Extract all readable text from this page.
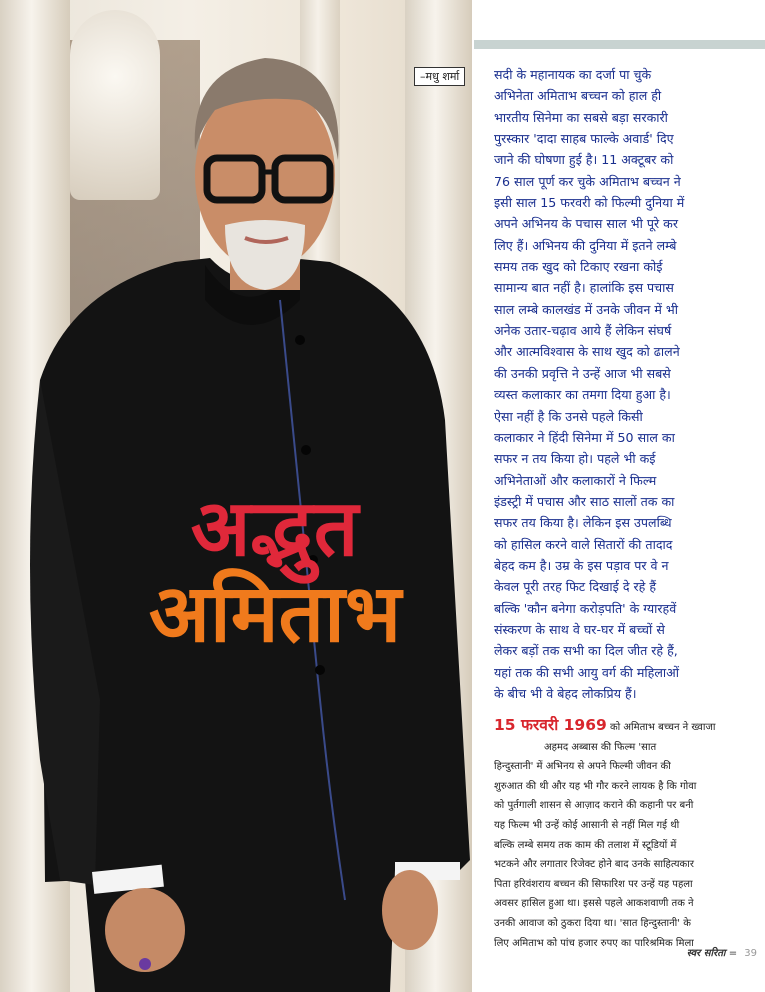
अद्भुत
अमिताभ
–मधु शर्मा	सदी के महानायक का दर्जा पा चुके
अभिनेता अमिताभ बच्चन को हाल ही
भारतीय सिनेमा का सबसे बड़ा सरकारी
पुरस्कार 'दादा साहब फाल्के अवार्ड' दिए
जाने की घोषणा हुई है। 11 अक्टूबर को
76 साल पूर्ण कर चुके अमिताभ बच्चन ने
इसी साल 15 फरवरी को फिल्मी दुनिया में
अपने अभिनय के पचास साल भी पूरे कर
लिए हैं। अभिनय की दुनिया में इतने लम्बे
समय तक खुद को टिकाए रखना कोई
सामान्य बात नहीं है। हालांकि इस पचास
साल लम्बे कालखंड में उनके जीवन में भी
अनेक उतार-चढ़ाव आये हैं लेकिन संघर्ष
और आत्मविश्वास के साथ खुद को ढालने
की उनकी प्रवृत्ति ने उन्हें आज भी सबसे
व्यस्त कलाकार का तमगा दिया हुआ है।
ऐसा नहीं है कि उनसे पहले किसी
कलाकार ने हिंदी सिनेमा में 50 साल का
सफर न तय किया हो। पहले भी कई
अभिनेताओं और कलाकारों ने फिल्म
इंडस्ट्री में पचास और साठ सालों तक का
सफर तय किया है। लेकिन इस उपलब्धि
को हासिल करने वाले सितारों की तादाद
बेहद कम है। उम्र के इस पड़ाव पर वे न
केवल पूरी तरह फिट दिखाई दे रहे हैं
बल्कि 'कौन बनेगा करोड़पति' के ग्यारहवें
संस्करण के साथ वे घर-घर में बच्चों से
लेकर बड़ों तक सभी का दिल जीत रहे हैं,
यहां तक की सभी आयु वर्ग की महिलाओं
के बीच भी वे बेहद लोकप्रिय हैं।
15 फरवरी 1969 को अमिताभ बच्चन ने ख्वाजा
अहमद अब्बास की फिल्म 'सात
हिन्दुस्तानी' में अभिनय से अपने फिल्मी जीवन की
शुरुआत की थी और यह भी गौर करने लायक है कि गोवा
को पुर्तगाली शासन से आज़ाद कराने की कहानी पर बनी
यह फिल्म भी उन्हें कोई आसानी से नहीं मिल गई थी
बल्कि लम्बे समय तक काम की तलाश में स्टूडियों में
भटकने और लगातार रिजेक्ट होने बाद उनके साहित्यकार
पिता हरिवंशराय बच्चन की सिफारिश पर उन्हें यह पहला
अवसर हासिल हुआ था। इससे पहले आकशवाणी तक ने
उनकी आवाज को ठुकरा दिया था। 'सात हिन्दुस्तानी' के
लिए अमिताभ को पांच हजार रुपए का पारिश्रमिक मिला
स्वर सरिता = 39
